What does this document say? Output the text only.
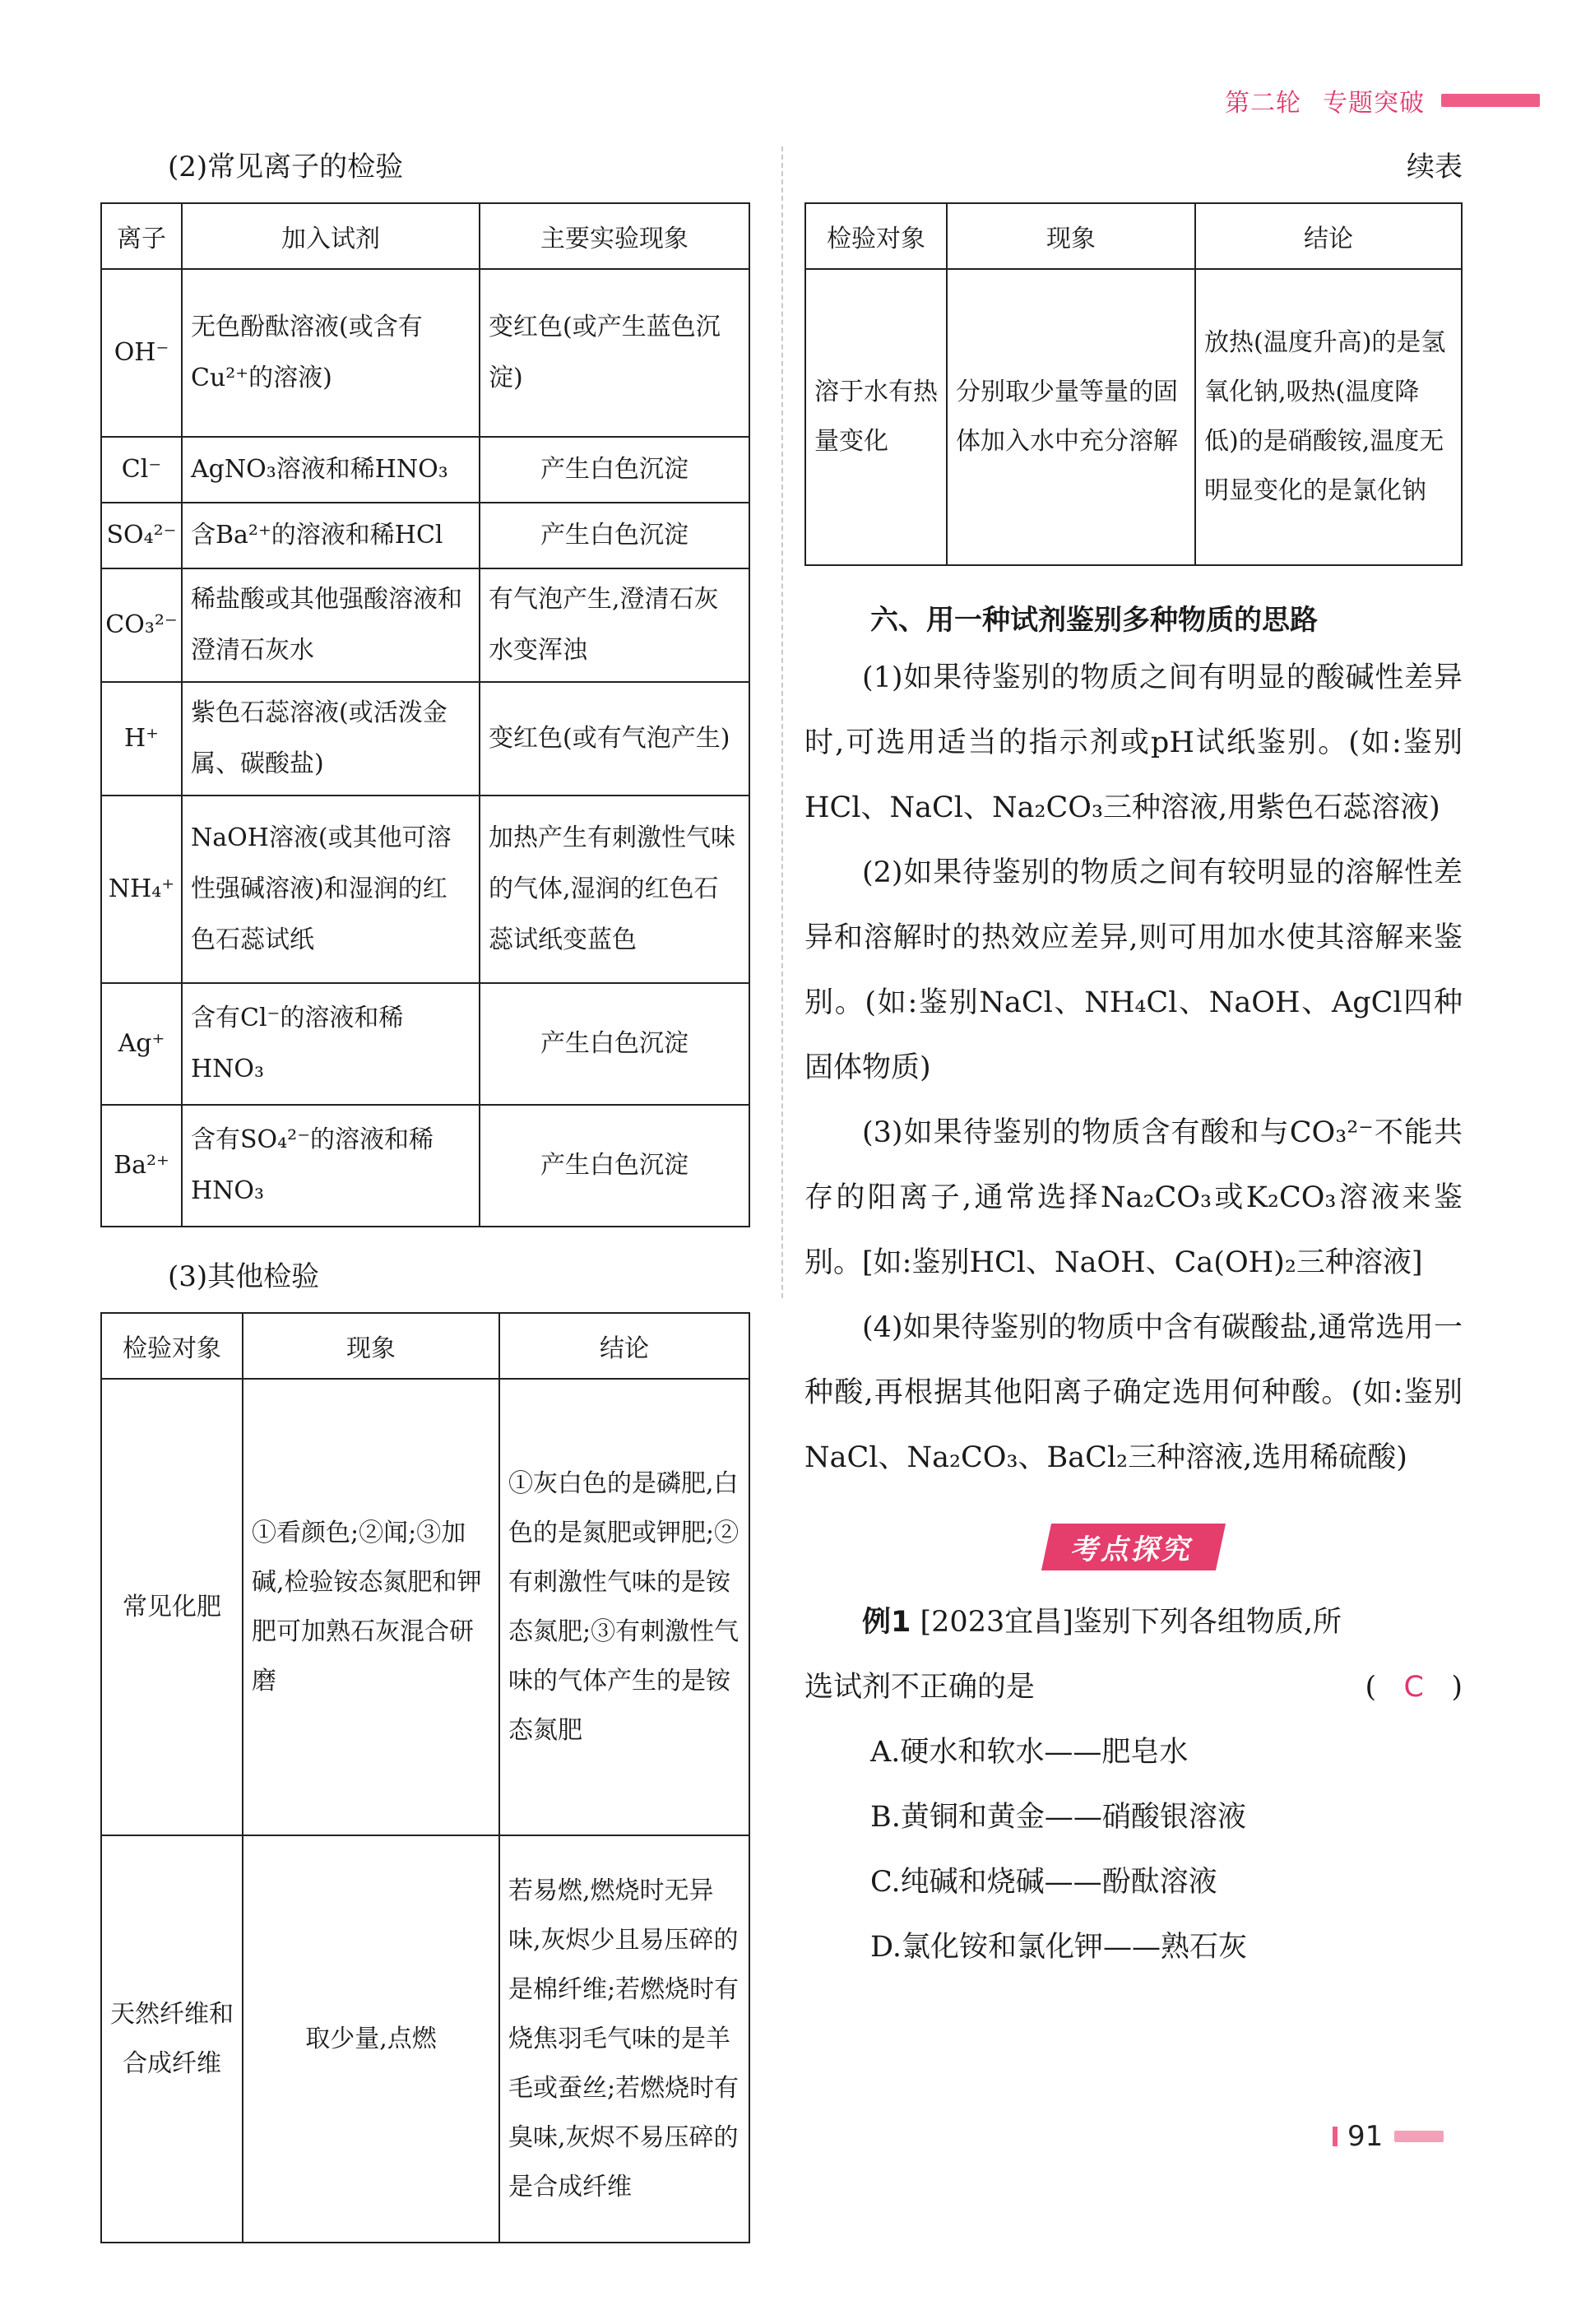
第二轮 专题突破

(2)常见离子的检验

离子	加入试剂	主要实验现象
OH⁻	无色酚酞溶液(或含有Cu²⁺的溶液)	变红色(或产生蓝色沉淀)
Cl⁻	AgNO₃溶液和稀HNO₃	产生白色沉淀
SO₄²⁻	含Ba²⁺的溶液和稀HCl	产生白色沉淀
CO₃²⁻	稀盐酸或其他强酸溶液和澄清石灰水	有气泡产生,澄清石灰水变浑浊
H⁺	紫色石蕊溶液(或活泼金属、碳酸盐)	变红色(或有气泡产生)
NH₄⁺	NaOH溶液(或其他可溶性强碱溶液)和湿润的红色石蕊试纸	加热产生有刺激性气味的气体,湿润的红色石蕊试纸变蓝色
Ag⁺	含有Cl⁻的溶液和稀HNO₃	产生白色沉淀
Ba²⁺	含有SO₄²⁻的溶液和稀HNO₃	产生白色沉淀

(3)其他检验

检验对象	现象	结论
常见化肥	①看颜色;②闻;③加碱,检验铵态氮肥和钾肥可加熟石灰混合研磨	①灰白色的是磷肥,白色的是氮肥或钾肥;②有刺激性气味的是铵态氮肥;③有刺激性气味的气体产生的是铵态氮肥
天然纤维和合成纤维	取少量,点燃	若易燃,燃烧时无异味,灰烬少且易压碎的是棉纤维;若燃烧时有烧焦羽毛气味的是羊毛或蚕丝;若燃烧时有臭味,灰烬不易压碎的是合成纤维

续表

检验对象	现象	结论
溶于水有热量变化	分别取少量等量的固体加入水中充分溶解	放热(温度升高)的是氢氧化钠,吸热(温度降低)的是硝酸铵,温度无明显变化的是氯化钠

六、用一种试剂鉴别多种物质的思路

(1)如果待鉴别的物质之间有明显的酸碱性差异时,可选用适当的指示剂或pH试纸鉴别。(如:鉴别HCl、NaCl、Na₂CO₃三种溶液,用紫色石蕊溶液)

(2)如果待鉴别的物质之间有较明显的溶解性差异和溶解时的热效应差异,则可用加水使其溶解来鉴别。(如:鉴别NaCl、NH₄Cl、NaOH、AgCl四种固体物质)

(3)如果待鉴别的物质含有酸和与CO₃²⁻不能共存的阳离子,通常选择Na₂CO₃或K₂CO₃溶液来鉴别。[如:鉴别HCl、NaOH、Ca(OH)₂三种溶液]

(4)如果待鉴别的物质中含有碳酸盐,通常选用一种酸,再根据其他阳离子确定选用何种酸。(如:鉴别NaCl、Na₂CO₃、BaCl₂三种溶液,选用稀硫酸)

考点探究

例1 [2023宜昌]鉴别下列各组物质,所

选试剂不正确的是	( C )

A.硬水和软水——肥皂水

B.黄铜和黄金——硝酸银溶液

C.纯碱和烧碱——酚酞溶液

D.氯化铵和氯化钾——熟石灰

91
